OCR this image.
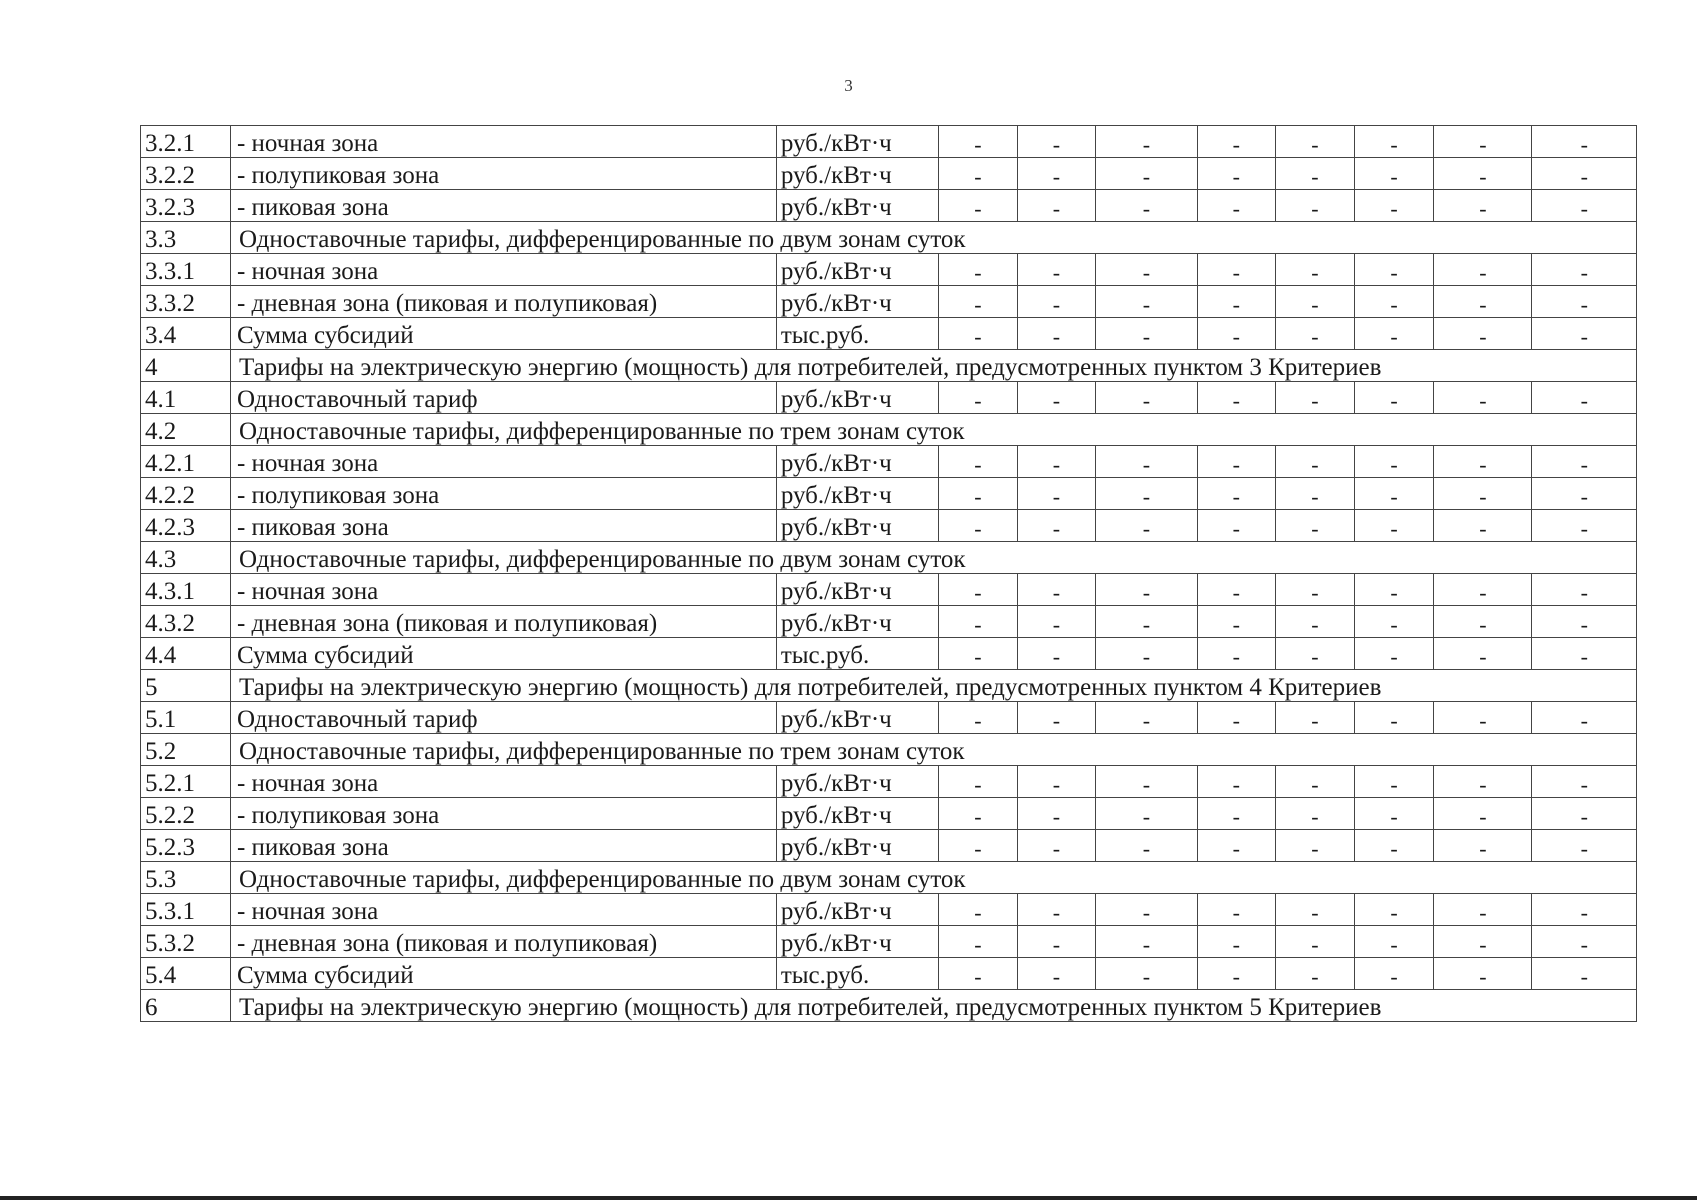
3
3.2.1	- ночная зона	руб./кВт·ч	-	-	-	-	-	-	-	-
3.2.2	- полупиковая зона	руб./кВт·ч	-	-	-	-	-	-	-	-
3.2.3	- пиковая зона	руб./кВт·ч	-	-	-	-	-	-	-	-
3.3	Одноставочные тарифы, дифференцированные по двум зонам суток									
3.3.1	- ночная зона	руб./кВт·ч	-	-	-	-	-	-	-	-
3.3.2	- дневная зона (пиковая и полупиковая)	руб./кВт·ч	-	-	-	-	-	-	-	-
3.4	Сумма субсидий	тыс.руб.	-	-	-	-	-	-	-	-
4	Тарифы на электрическую энергию (мощность) для потребителей, предусмотренных пунктом 3 Критериев									
4.1	Одноставочный тариф	руб./кВт·ч	-	-	-	-	-	-	-	-
4.2	Одноставочные тарифы, дифференцированные по трем зонам суток									
4.2.1	- ночная зона	руб./кВт·ч	-	-	-	-	-	-	-	-
4.2.2	- полупиковая зона	руб./кВт·ч	-	-	-	-	-	-	-	-
4.2.3	- пиковая зона	руб./кВт·ч	-	-	-	-	-	-	-	-
4.3	Одноставочные тарифы, дифференцированные по двум зонам суток									
4.3.1	- ночная зона	руб./кВт·ч	-	-	-	-	-	-	-	-
4.3.2	- дневная зона (пиковая и полупиковая)	руб./кВт·ч	-	-	-	-	-	-	-	-
4.4	Сумма субсидий	тыс.руб.	-	-	-	-	-	-	-	-
5	Тарифы на электрическую энергию (мощность) для потребителей, предусмотренных пунктом 4 Критериев									
5.1	Одноставочный тариф	руб./кВт·ч	-	-	-	-	-	-	-	-
5.2	Одноставочные тарифы, дифференцированные по трем зонам суток									
5.2.1	- ночная зона	руб./кВт·ч	-	-	-	-	-	-	-	-
5.2.2	- полупиковая зона	руб./кВт·ч	-	-	-	-	-	-	-	-
5.2.3	- пиковая зона	руб./кВт·ч	-	-	-	-	-	-	-	-
5.3	Одноставочные тарифы, дифференцированные по двум зонам суток									
5.3.1	- ночная зона	руб./кВт·ч	-	-	-	-	-	-	-	-
5.3.2	- дневная зона (пиковая и полупиковая)	руб./кВт·ч	-	-	-	-	-	-	-	-
5.4	Сумма субсидий	тыс.руб.	-	-	-	-	-	-	-	-
6	Тарифы на электрическую энергию (мощность) для потребителей, предусмотренных пунктом 5 Критериев									
